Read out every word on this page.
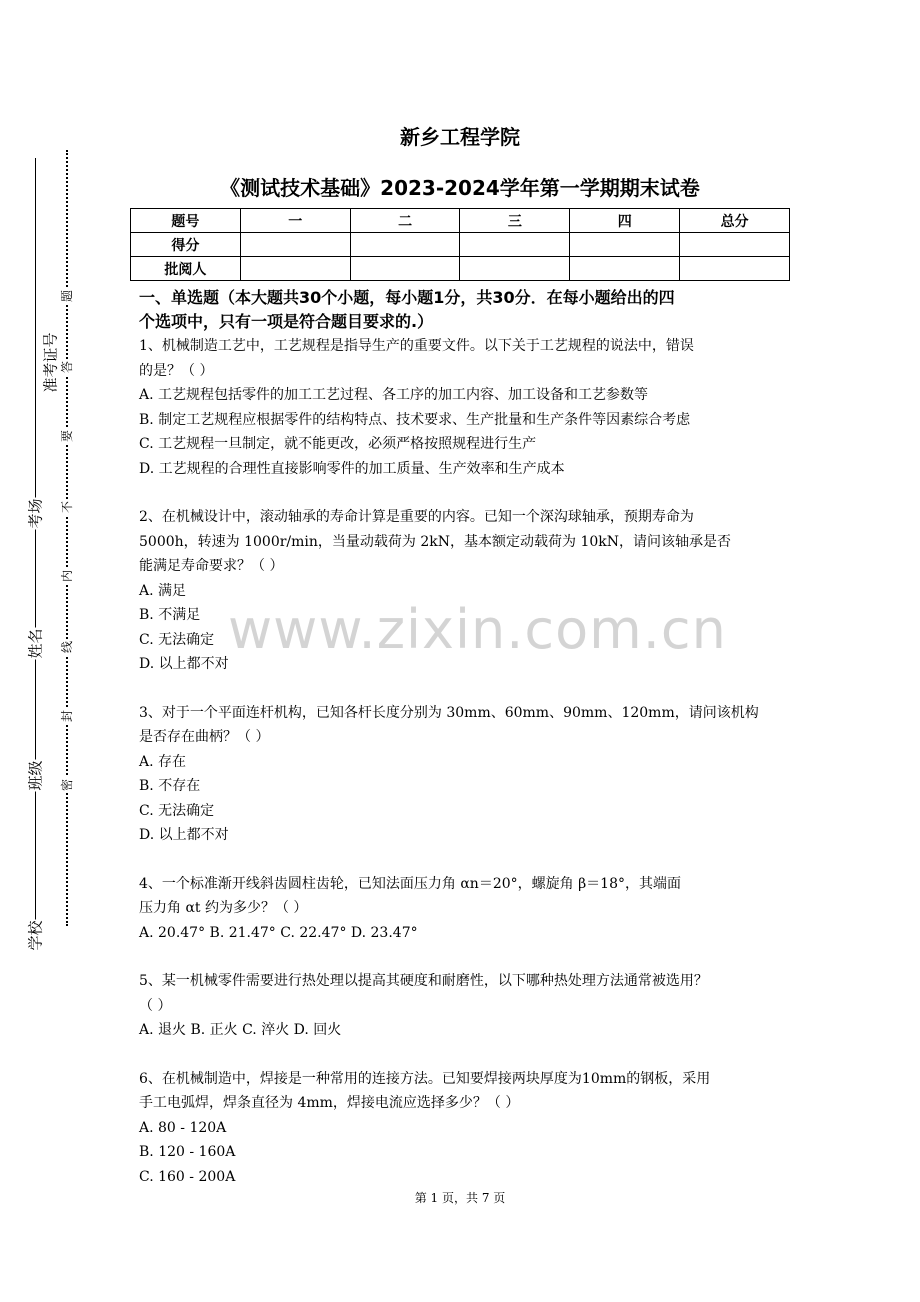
准考证号
考场
姓名
班级
学校
题
答
要
不
内
线
封
密
新乡工程学院
《测试技术基础》2023-2024学年第一学期期末试卷
题号	一	二	三	四	总分
得分					
批阅人					
www.zixin.com.cn

一、单选题（本大题共30个小题，每小题1分，共30分．在每小题给出的四

个选项中，只有一项是符合题目要求的.）

1、机械制造工艺中，工艺规程是指导生产的重要文件。以下关于工艺规程的说法中，错误

的是？（ ）

A. 工艺规程包括零件的加工工艺过程、各工序的加工内容、加工设备和工艺参数等

B. 制定工艺规程应根据零件的结构特点、技术要求、生产批量和生产条件等因素综合考虑

C. 工艺规程一旦制定，就不能更改，必须严格按照规程进行生产

D. 工艺规程的合理性直接影响零件的加工质量、生产效率和生产成本

2、在机械设计中，滚动轴承的寿命计算是重要的内容。已知一个深沟球轴承，预期寿命为

5000h，转速为 1000r/min，当量动载荷为 2kN，基本额定动载荷为 10kN，请问该轴承是否

能满足寿命要求？（ ）

A. 满足

B. 不满足

C. 无法确定

D. 以上都不对

3、对于一个平面连杆机构，已知各杆长度分别为 30mm、60mm、90mm、120mm，请问该机构

是否存在曲柄？（ ）

A. 存在

B. 不存在

C. 无法确定

D. 以上都不对

4、一个标准渐开线斜齿圆柱齿轮，已知法面压力角 αn＝20°，螺旋角 β＝18°，其端面

压力角 αt 约为多少？（ ）

A. 20.47° B. 21.47° C. 22.47° D. 23.47°

5、某一机械零件需要进行热处理以提高其硬度和耐磨性，以下哪种热处理方法通常被选用？

（ ）

A. 退火 B. 正火 C. 淬火 D. 回火

6、在机械制造中，焊接是一种常用的连接方法。已知要焊接两块厚度为10mm的钢板，采用

手工电弧焊，焊条直径为 4mm，焊接电流应选择多少？（ ）

A. 80 - 120A

B. 120 - 160A

C. 160 - 200A

第 1 页，共 7 页
